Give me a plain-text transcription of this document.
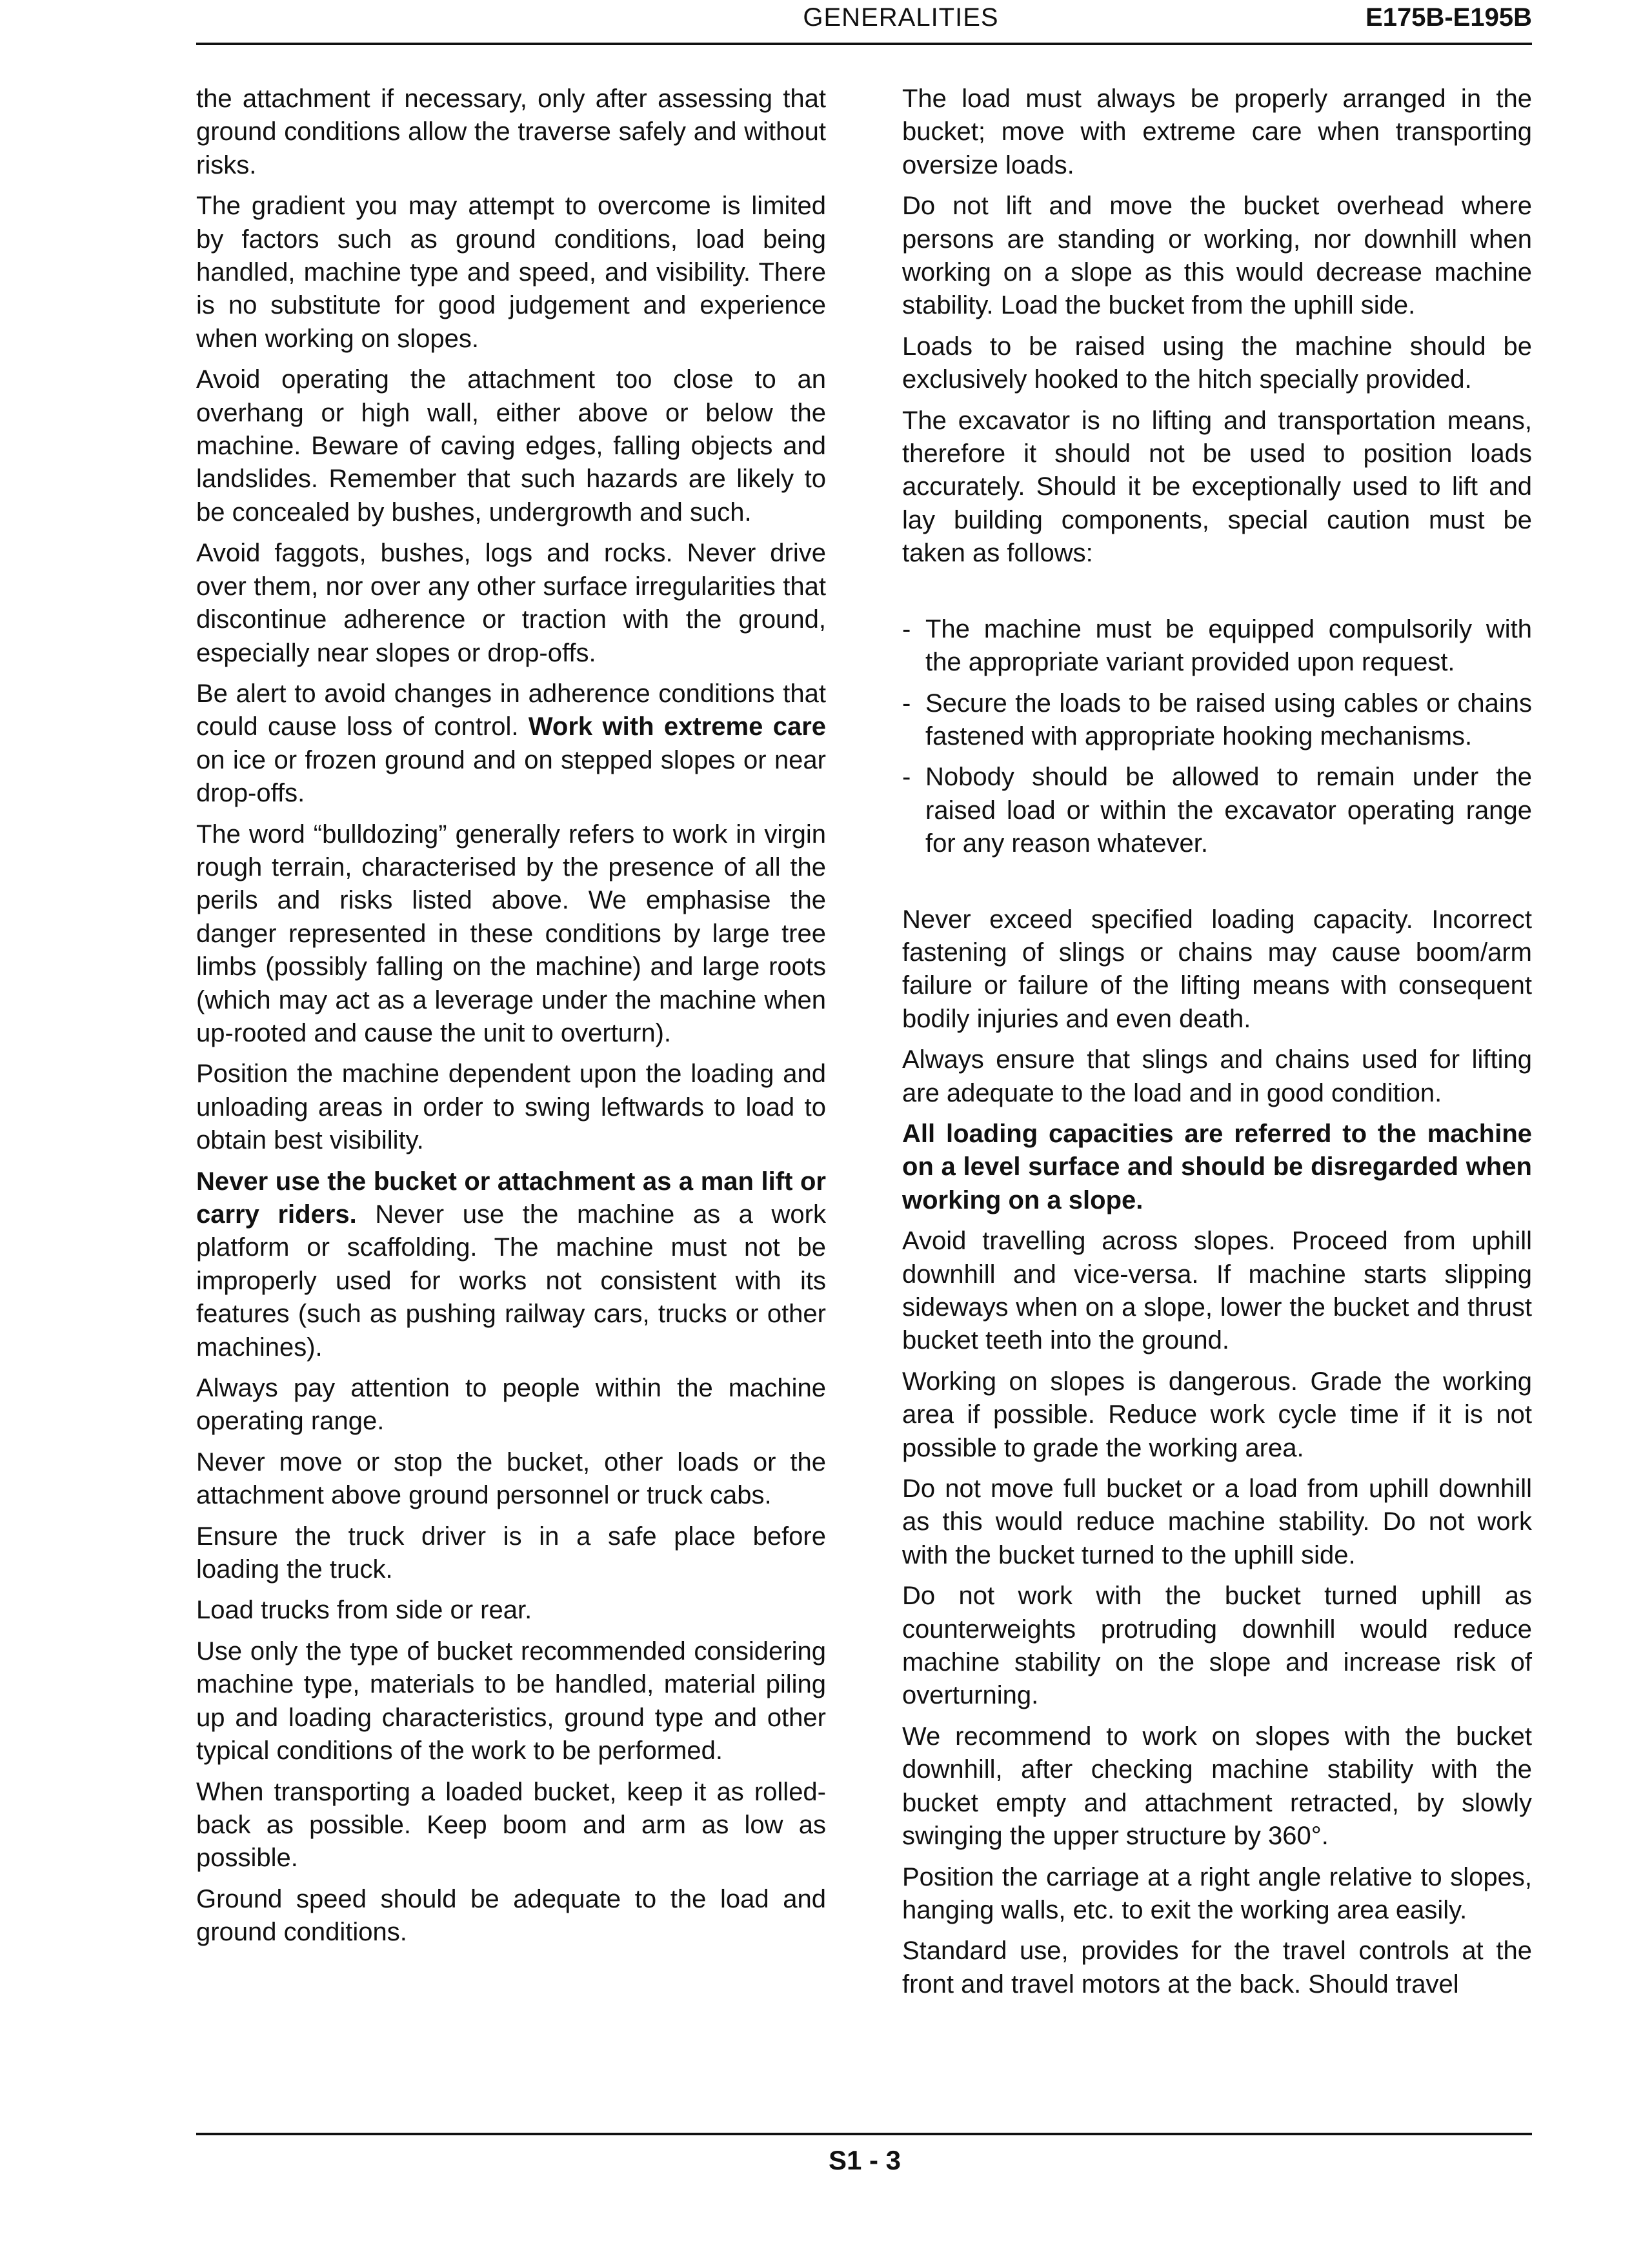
GENERALITIES	E175B-E195B

the attachment if necessary, only after assessing that ground conditions allow the traverse safely and without risks.

The gradient you may attempt to overcome is limited by factors such as ground conditions, load being handled, machine type and speed, and visibility. There is no substitute for good judgement and experience when working on slopes.

Avoid operating the attachment too close to an overhang or high wall, either above or below the machine. Beware of caving edges, falling objects and landslides. Remember that such hazards are likely to be concealed by bushes, undergrowth and such.

Avoid faggots, bushes, logs and rocks. Never drive over them, nor over any other surface irregularities that discontinue adherence or traction with the ground, especially near slopes or drop-offs.

Be alert to avoid changes in adherence conditions that could cause loss of control. Work with extreme care on ice or frozen ground and on stepped slopes or near drop-offs.

The word “bulldozing” generally refers to work in virgin rough terrain, characterised by the presence of all the perils and risks listed above. We emphasise the danger represented in these conditions by large tree limbs (possibly falling on the machine) and large roots (which may act as a leverage under the machine when up-rooted and cause the unit to overturn).

Position the machine dependent upon the loading and unloading areas in order to swing leftwards to load to obtain best visibility.

Never use the bucket or attachment as a man lift or carry riders. Never use the machine as a work platform or scaffolding. The machine must not be improperly used for works not consistent with its features (such as pushing railway cars, trucks or other machines).

Always pay attention to people within the machine operating range.

Never move or stop the bucket, other loads or the attachment above ground personnel or truck cabs.

Ensure the truck driver is in a safe place before loading the truck.

Load trucks from side or rear.

Use only the type of bucket recommended considering machine type, materials to be handled, material piling up and loading characteristics, ground type and other typical conditions of the work to be performed.

When transporting a loaded bucket, keep it as rolled-back as possible. Keep boom and arm as low as possible.

Ground speed should be adequate to the load and ground conditions.

The load must always be properly arranged in the bucket; move with extreme care when transporting oversize loads.

Do not lift and move the bucket overhead where persons are standing or working, nor downhill when working on a slope as this would decrease machine stability. Load the bucket from the uphill side.

Loads to be raised using the machine should be exclusively hooked to the hitch specially provided.

The excavator is no lifting and transportation means, therefore it should not be used to position loads accurately. Should it be exceptionally used to lift and lay building components, special caution must be taken as follows:

- The machine must be equipped compulsorily with the appropriate variant provided upon request.
- Secure the loads to be raised using cables or chains fastened with appropriate hooking mechanisms.
- Nobody should be allowed to remain under the raised load or within the excavator operating range for any reason whatever.

Never exceed specified loading capacity. Incorrect fastening of slings or chains may cause boom/arm failure or failure of the lifting means with consequent bodily injuries and even death.

Always ensure that slings and chains used for lifting are adequate to the load and in good condition.

All loading capacities are referred to the machine on a level surface and should be disregarded when working on a slope.

Avoid travelling across slopes. Proceed from uphill downhill and vice-versa. If machine starts slipping sideways when on a slope, lower the bucket and thrust bucket teeth into the ground.

Working on slopes is dangerous. Grade the working area if possible. Reduce work cycle time if it is not possible to grade the working area.

Do not move full bucket or a load from uphill downhill as this would reduce machine stability. Do not work with the bucket turned to the uphill side.

Do not work with the bucket turned uphill as counterweights protruding downhill would reduce machine stability on the slope and increase risk of overturning.

We recommend to work on slopes with the bucket downhill, after checking machine stability with the bucket empty and attachment retracted, by slowly swinging the upper structure by 360°.

Position the carriage at a right angle relative to slopes, hanging walls, etc. to exit the working area easily.

Standard use, provides for the travel controls at the front and travel motors at the back. Should travel

S1 - 3
